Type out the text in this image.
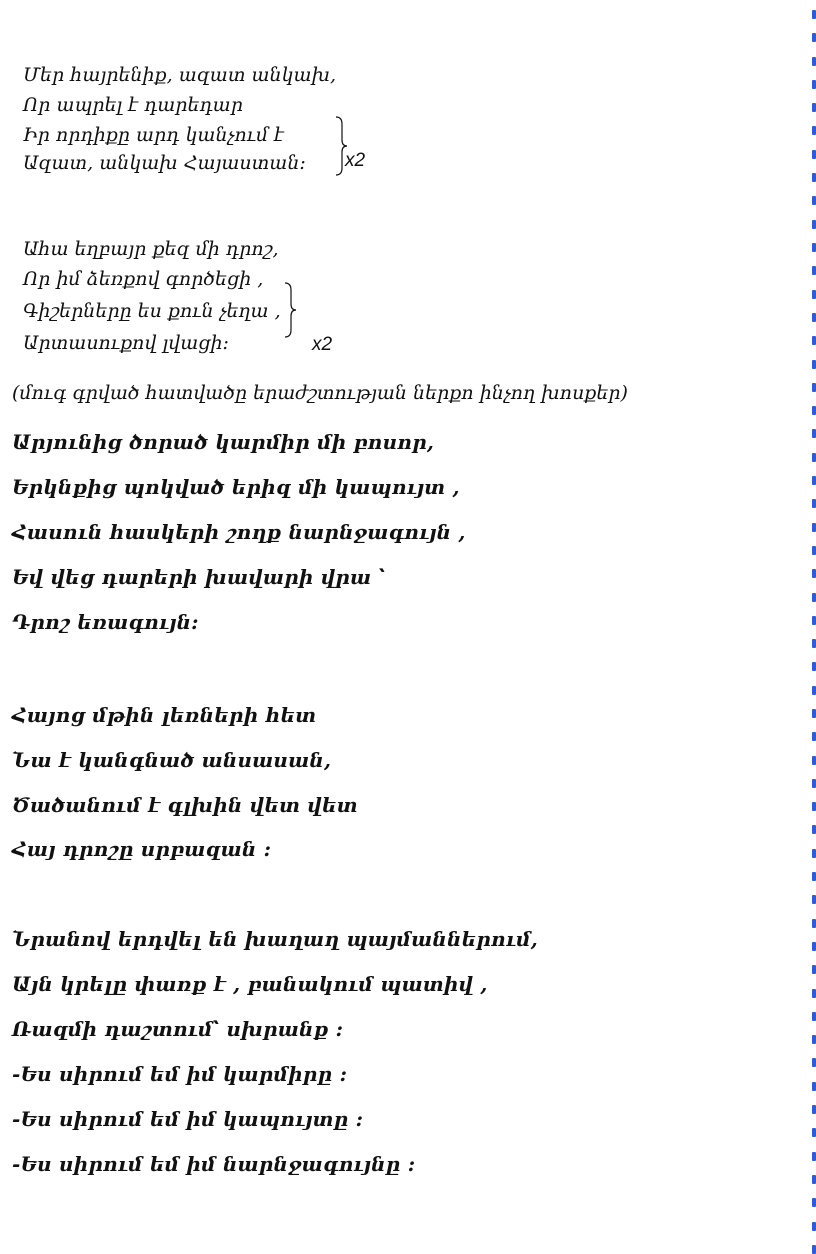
Մեր հայրենիք, ազատ անկախ,
Որ ապրել է դարեդար
Իր որդիքը արդ կանչում է
Ազատ, անկախ Հայաստան: x2
Ահա եղբայր քեզ մի դրոշ,
Որ իմ ձեռքով գործեցի ,
Գիշերները ես քուն չեղա ,
Արտասուքով լվացի:	x2
(մուգ գրված հատվածը երաժշտության ներքո ինչող խոսքեր)
Արյունից ծորած կարմիր մի բոսոր,
Երկնքից պոկված երիզ մի կապույտ ,
Հասուն հասկերի շողք նարնջագույն ,
Եվ վեց դարերի խավարի վրա ՝
Դրոշ եռագույն:
Հայոց մթին լեռների հետ
Նա է կանգնած անսասան,
Ծածանում է գլխին վետ վետ
Հայ դրոշը սրբազան :
Նրանով երդվել են խաղաղ պայմաններում,
Այն կրելը փառք է , բանակում պատիվ ,
Ռազմի դաշտում՝ սխրանք :
-Ես սիրում եմ իմ կարմիրը :
-Ես սիրում եմ իմ կապույտը :
-Ես սիրում եմ իմ նարնջագույնը :
